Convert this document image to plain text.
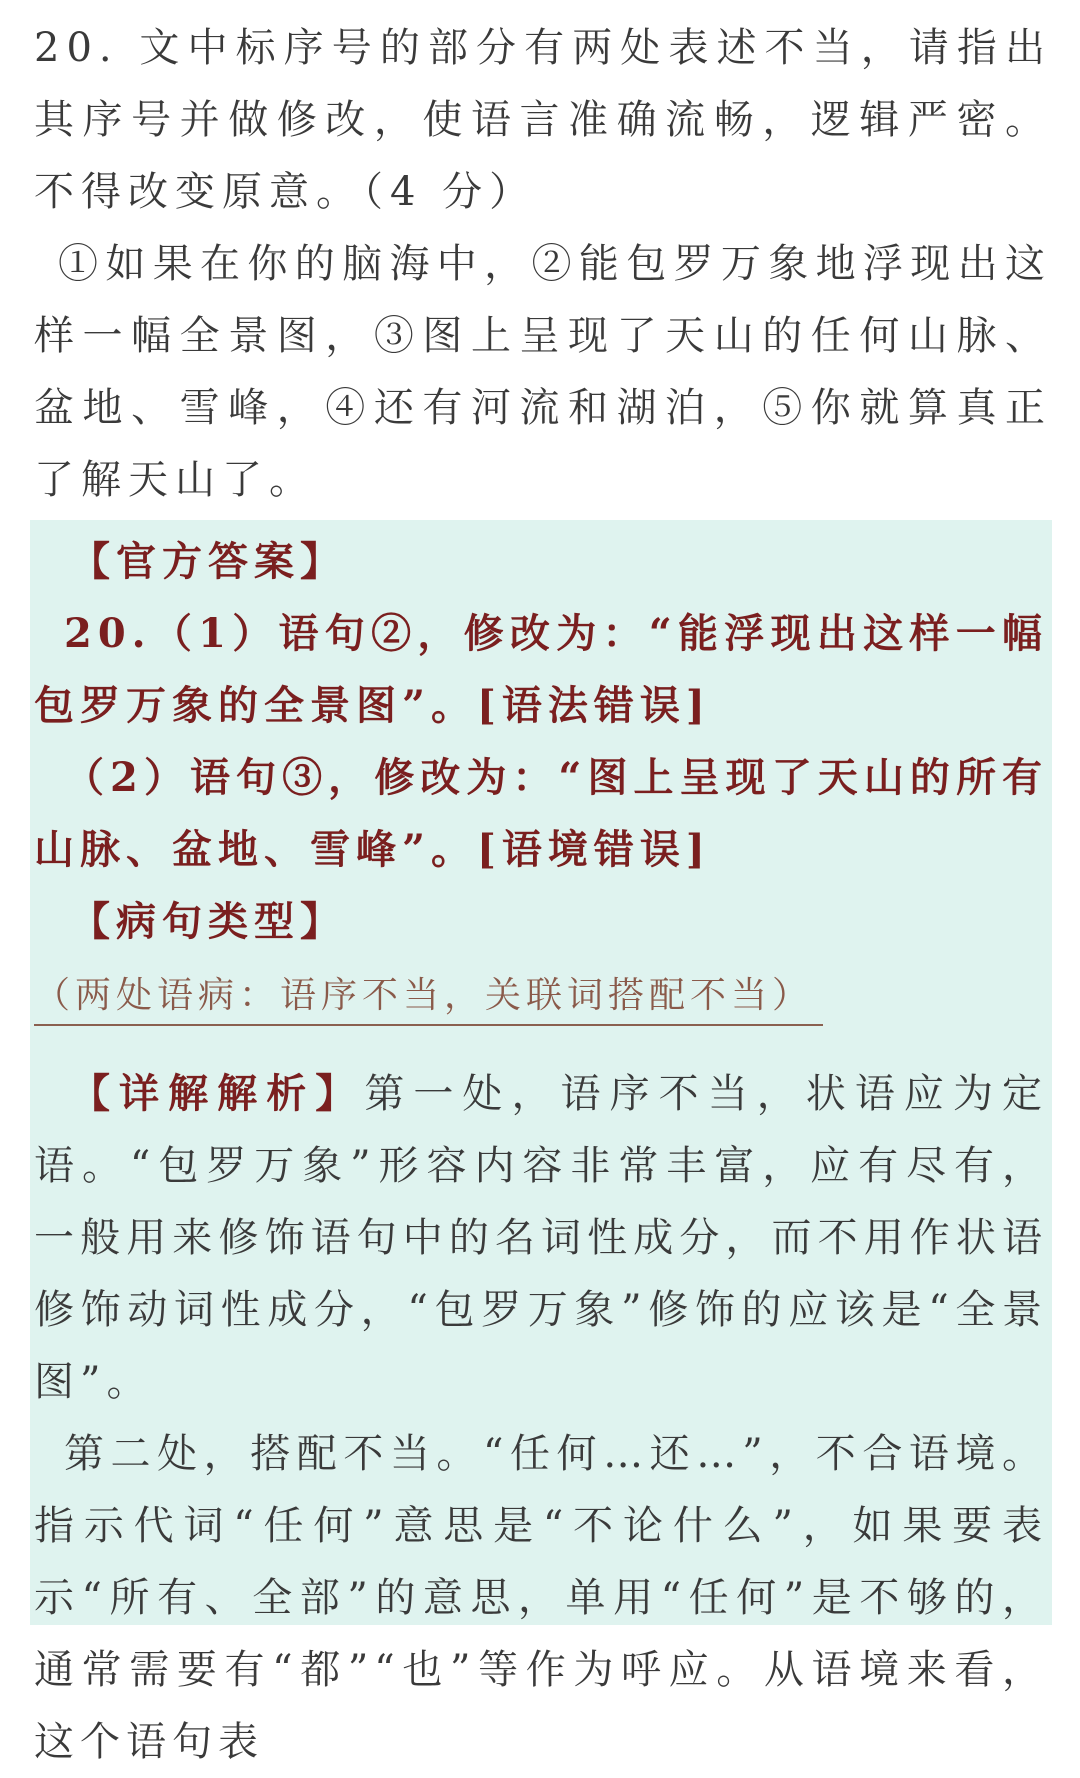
20. 文中标序号的部分有两处表述不当，请指出其序号并做修改，使语言准确流畅，逻辑严密。不得改变原意。（4 分）

①如果在你的脑海中，②能包罗万象地浮现出这样一幅全景图，③图上呈现了天山的任何山脉、盆地、雪峰，④还有河流和湖泊，⑤你就算真正了解天山了。

【官方答案】

20.（1）语句②，修改为：“能浮现出这样一幅包罗万象的全景图”。[语法错误]

（2）语句③，修改为：“图上呈现了天山的所有山脉、盆地、雪峰”。[语境错误]

【病句类型】

（两处语病：语序不当，关联词搭配不当）

【详解解析】第一处，语序不当，状语应为定语。“包罗万象”形容内容非常丰富，应有尽有，一般用来修饰语句中的名词性成分，而不用作状语修饰动词性成分，“包罗万象”修饰的应该是“全景图”。

第二处，搭配不当。“任何…还…”，不合语境。指示代词“任何”意思是“不论什么”，如果要表示“所有、全部”的意思，单用“任何”是不够的，通常需要有“都”“也”等作为呼应。从语境来看，这个语句表
